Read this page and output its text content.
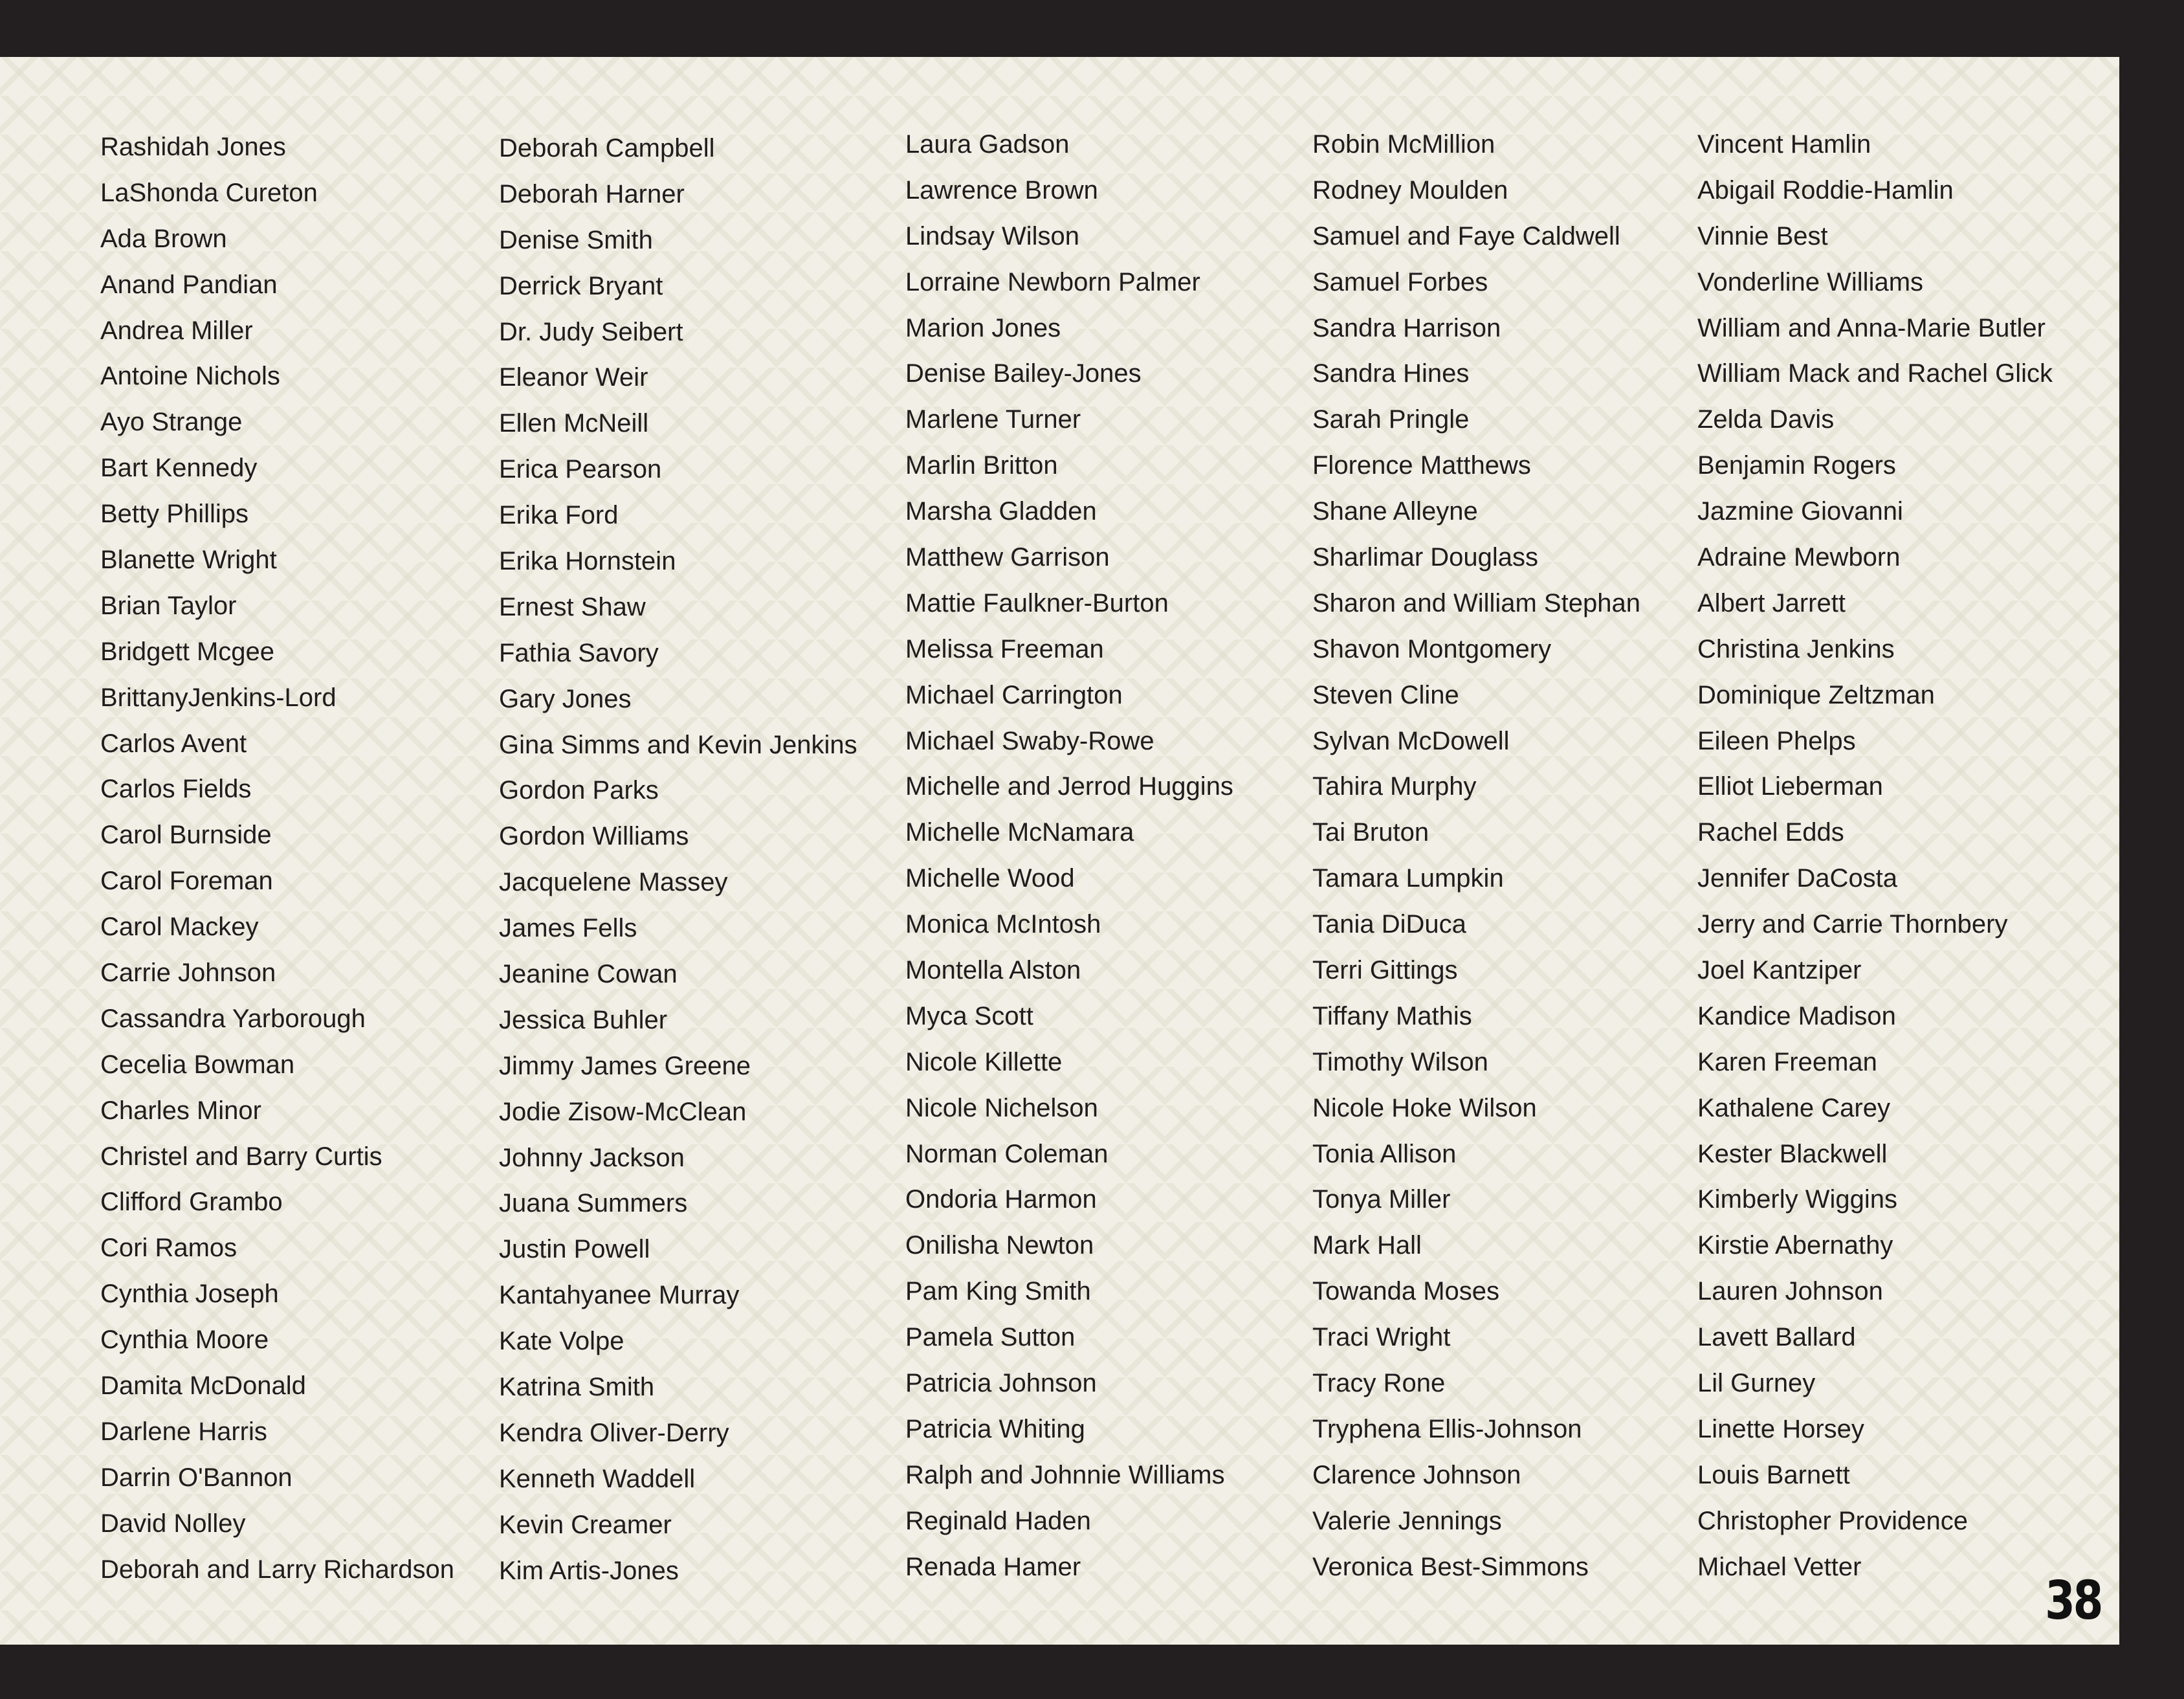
Rashidah Jones
LaShonda Cureton
Ada Brown
Anand Pandian
Andrea Miller
Antoine Nichols
Ayo Strange
Bart Kennedy
Betty Phillips
Blanette Wright
Brian Taylor
Bridgett Mcgee
BrittanyJenkins-Lord
Carlos Avent
Carlos Fields
Carol Burnside
Carol Foreman
Carol Mackey
Carrie Johnson
Cassandra Yarborough
Cecelia Bowman
Charles Minor
Christel and Barry Curtis
Clifford Grambo
Cori Ramos
Cynthia Joseph
Cynthia Moore
Damita McDonald
Darlene Harris
Darrin O'Bannon
David Nolley
Deborah and Larry Richardson
Deborah Campbell
Deborah Harner
Denise Smith
Derrick Bryant
Dr. Judy Seibert
Eleanor Weir
Ellen McNeill
Erica Pearson
Erika Ford
Erika Hornstein
Ernest Shaw
Fathia Savory
Gary Jones
Gina Simms and Kevin Jenkins
Gordon Parks
Gordon Williams
Jacquelene Massey
James Fells
Jeanine Cowan
Jessica Buhler
Jimmy James Greene
Jodie Zisow-McClean
Johnny Jackson
Juana Summers
Justin Powell
Kantahyanee Murray
Kate Volpe
Katrina Smith
Kendra Oliver-Derry
Kenneth Waddell
Kevin Creamer
Kim Artis-Jones
Laura Gadson
Lawrence Brown
Lindsay Wilson
Lorraine Newborn Palmer
Marion Jones
Denise Bailey-Jones
Marlene Turner
Marlin Britton
Marsha Gladden
Matthew Garrison
Mattie Faulkner-Burton
Melissa Freeman
Michael Carrington
Michael Swaby-Rowe
Michelle and Jerrod Huggins
Michelle McNamara
Michelle Wood
Monica McIntosh
Montella Alston
Myca Scott
Nicole Killette
Nicole Nichelson
Norman Coleman
Ondoria Harmon
Onilisha Newton
Pam King Smith
Pamela Sutton
Patricia Johnson
Patricia Whiting
Ralph and Johnnie Williams
Reginald Haden
Renada Hamer
Robin McMillion
Rodney Moulden
Samuel and Faye Caldwell
Samuel Forbes
Sandra Harrison
Sandra Hines
Sarah Pringle
Florence Matthews
Shane Alleyne
Sharlimar Douglass
Sharon and William Stephan
Shavon Montgomery
Steven Cline
Sylvan McDowell
Tahira Murphy
Tai Bruton
Tamara Lumpkin
Tania DiDuca
Terri Gittings
Tiffany Mathis
Timothy Wilson
Nicole Hoke Wilson
Tonia Allison
Tonya Miller
Mark Hall
Towanda Moses
Traci Wright
Tracy Rone
Tryphena Ellis-Johnson
Clarence Johnson
Valerie Jennings
Veronica Best-Simmons
Vincent Hamlin
Abigail Roddie-Hamlin
Vinnie Best
Vonderline Williams
William and Anna-Marie Butler
William Mack and Rachel Glick
Zelda Davis
Benjamin Rogers
Jazmine Giovanni
Adraine Mewborn
Albert Jarrett
Christina Jenkins
Dominique Zeltzman
Eileen Phelps
Elliot Lieberman
Rachel Edds
Jennifer DaCosta
Jerry and Carrie Thornbery
Joel Kantziper
Kandice Madison
Karen Freeman
Kathalene Carey
Kester Blackwell
Kimberly Wiggins
Kirstie Abernathy
Lauren Johnson
Lavett Ballard
Lil Gurney
Linette Horsey
Louis Barnett
Christopher Providence
Michael Vetter
38
